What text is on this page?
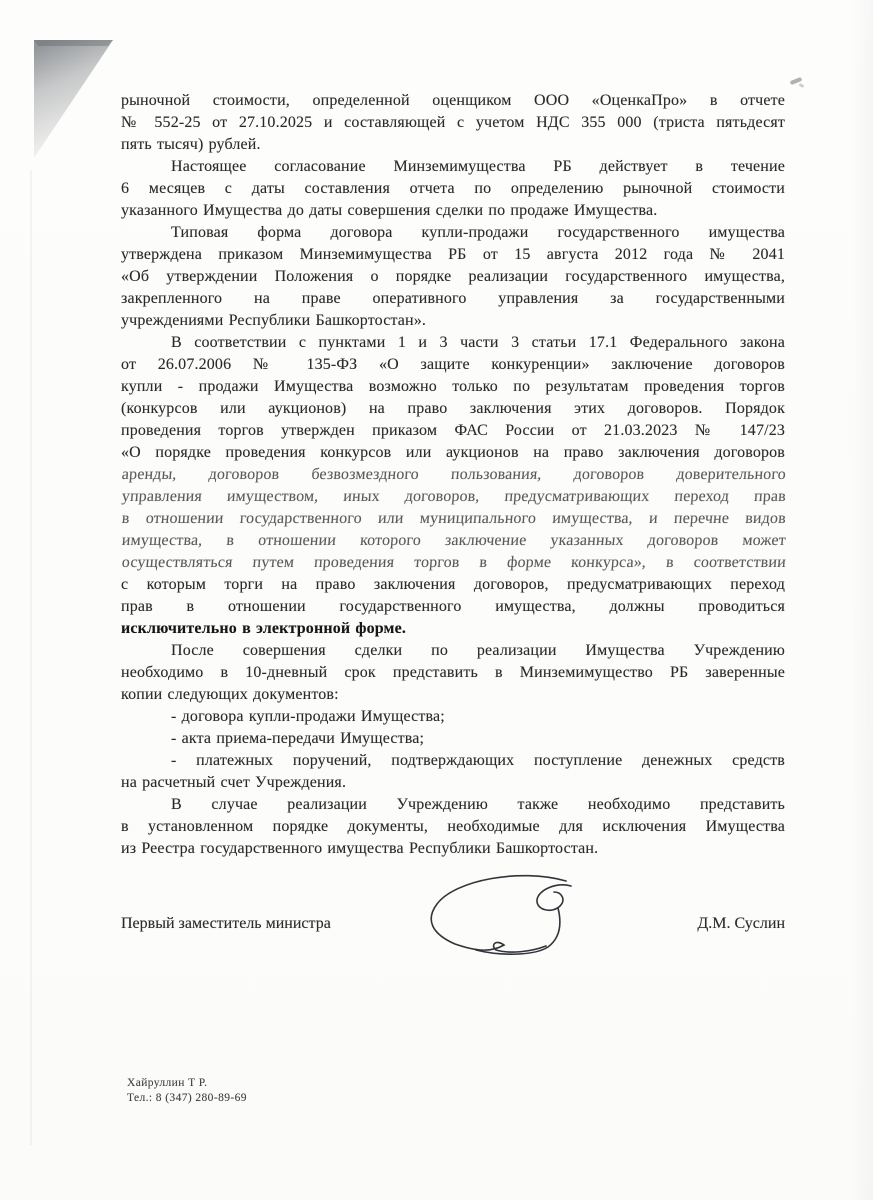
рыночной стоимости, определенной оценщиком ООО «ОценкаПро» в отчете
№ 552-25 от 27.10.2025 и составляющей с учетом НДС 355 000 (триста пятьдесят
пять тысяч) рублей.
Настоящее согласование Минземимущества РБ действует в течение
6 месяцев с даты составления отчета по определению рыночной стоимости
указанного Имущества до даты совершения сделки по продаже Имущества.
Типовая форма договора купли-продажи государственного имущества
утверждена приказом Минземимущества РБ от 15 августа 2012 года № 2041
«Об утверждении Положения о порядке реализации государственного имущества,
закрепленного на праве оперативного управления за государственными
учреждениями Республики Башкортостан».
В соответствии с пунктами 1 и 3 части 3 статьи 17.1 Федерального закона
от 26.07.2006 № 135-ФЗ «О защите конкуренции» заключение договоров
купли - продажи Имущества возможно только по результатам проведения торгов
(конкурсов или аукционов) на право заключения этих договоров. Порядок
проведения торгов утвержден приказом ФАС России от 21.03.2023 № 147/23
«О порядке проведения конкурсов или аукционов на право заключения договоров
аренды, договоров безвозмездного пользования, договоров доверительного
управления имуществом, иных договоров, предусматривающих переход прав
в отношении государственного или муниципального имущества, и перечне видов
имущества, в отношении которого заключение указанных договоров может
осуществляться путем проведения торгов в форме конкурса», в соответствии
с которым торги на право заключения договоров, предусматривающих переход
прав в отношении государственного имущества, должны проводиться
исключительно в электронной форме.
После совершения сделки по реализации Имущества Учреждению
необходимо в 10-дневный срок представить в Минземимущество РБ заверенные
копии следующих документов:
- договора купли-продажи Имущества;
- акта приема-передачи Имущества;
- платежных поручений, подтверждающих поступление денежных средств
на расчетный счет Учреждения.
В случае реализации Учреждению также необходимо представить
в установленном порядке документы, необходимые для исключения Имущества
из Реестра государственного имущества Республики Башкортостан.
Первый заместитель министра	Д.М. Суслин
Хайруллин Т Р.
Тел.: 8 (347) 280-89-69
